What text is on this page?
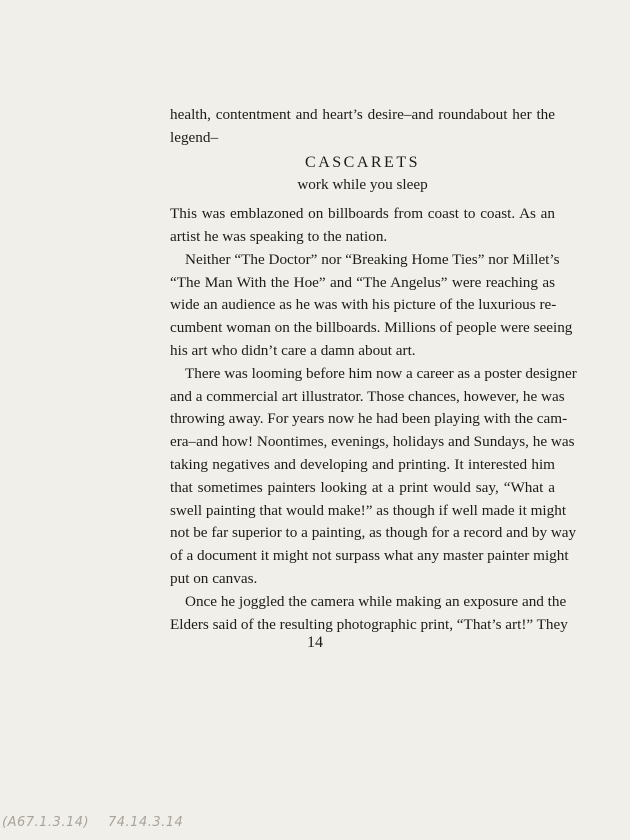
health, contentment and heart’s desire–and roundabout her the
legend–
CASCARETS
work while you sleep
This was emblazoned on billboards from coast to coast. As an
artist he was speaking to the nation.
Neither “The Doctor” nor “Breaking Home Ties” nor Millet’s
“The Man With the Hoe” and “The Angelus” were reaching as
wide an audience as he was with his picture of the luxurious re-
cumbent woman on the billboards. Millions of people were seeing
his art who didn’t care a damn about art.
There was looming before him now a career as a poster designer
and a commercial art illustrator. Those chances, however, he was
throwing away. For years now he had been playing with the cam-
era–and how! Noontimes, evenings, holidays and Sundays, he was
taking negatives and developing and printing. It interested him
that sometimes painters looking at a print would say, “What a
swell painting that would make!” as though if well made it might
not be far superior to a painting, as though for a record and by way
of a document it might not surpass what any master painter might
put on canvas.
Once he joggled the camera while making an exposure and the
Elders said of the resulting photographic print, “That’s art!” They
14
(A67.1.3.14) 74.14.3.14
